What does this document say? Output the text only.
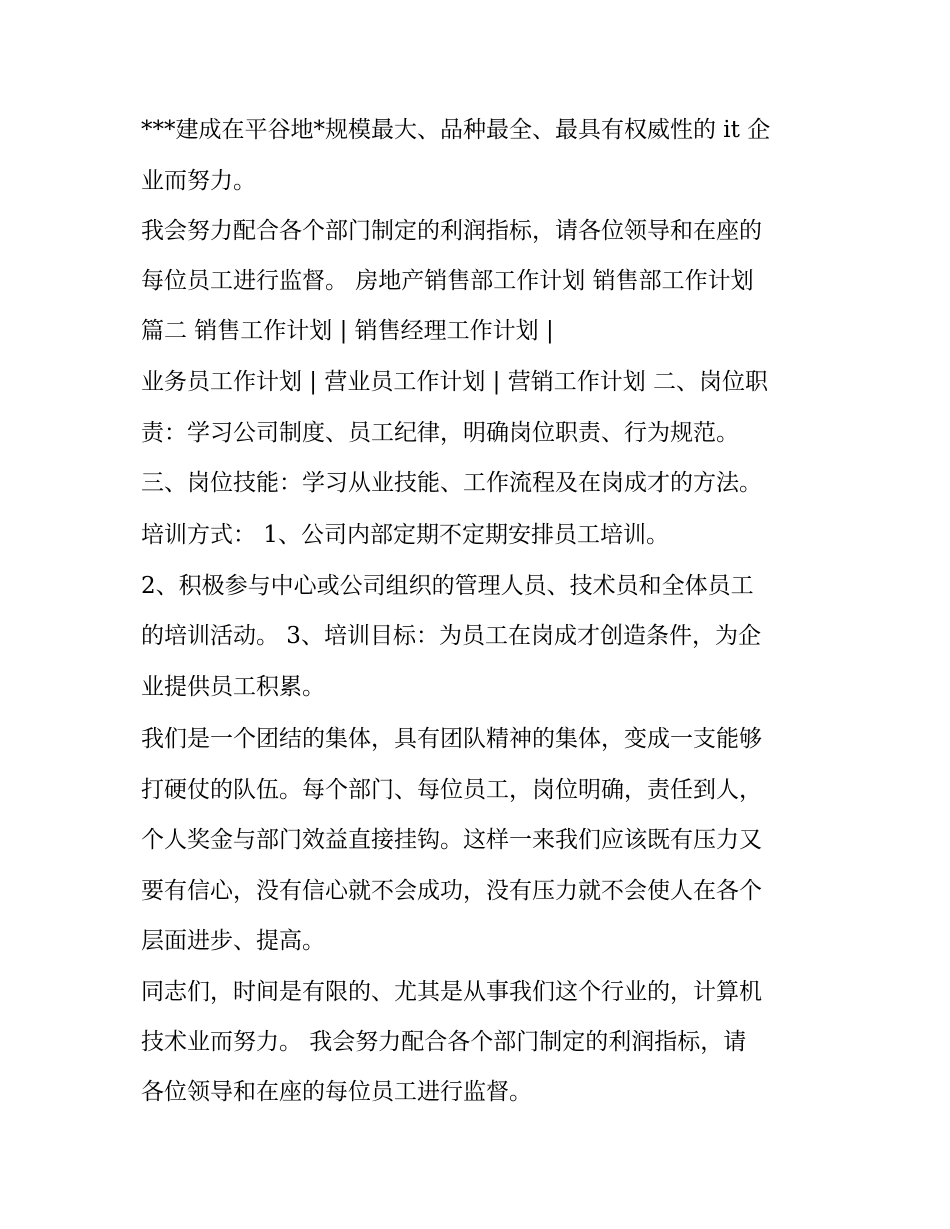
***建成在平谷地*规模最大、品种最全、最具有权威性的 it 企
业而努力。
我会努力配合各个部门制定的利润指标，请各位领导和在座的
每位员工进行监督。 房地产销售部工作计划 销售部工作计划
篇二 销售工作计划 | 销售经理工作计划 |
业务员工作计划 | 营业员工作计划 | 营销工作计划 二、岗位职
责：学习公司制度、员工纪律，明确岗位职责、行为规范。
三、岗位技能：学习从业技能、工作流程及在岗成才的方法。
培训方式： 1、公司内部定期不定期安排员工培训。
2、积极参与中心或公司组织的管理人员、技术员和全体员工
的培训活动。 3、培训目标：为员工在岗成才创造条件，为企
业提供员工积累。
我们是一个团结的集体，具有团队精神的集体，变成一支能够
打硬仗的队伍。每个部门、每位员工，岗位明确，责任到人，
个人奖金与部门效益直接挂钩。这样一来我们应该既有压力又
要有信心，没有信心就不会成功，没有压力就不会使人在各个
层面进步、提高。
同志们，时间是有限的、尤其是从事我们这个行业的，计算机
技术业而努力。 我会努力配合各个部门制定的利润指标，请
各位领导和在座的每位员工进行监督。
